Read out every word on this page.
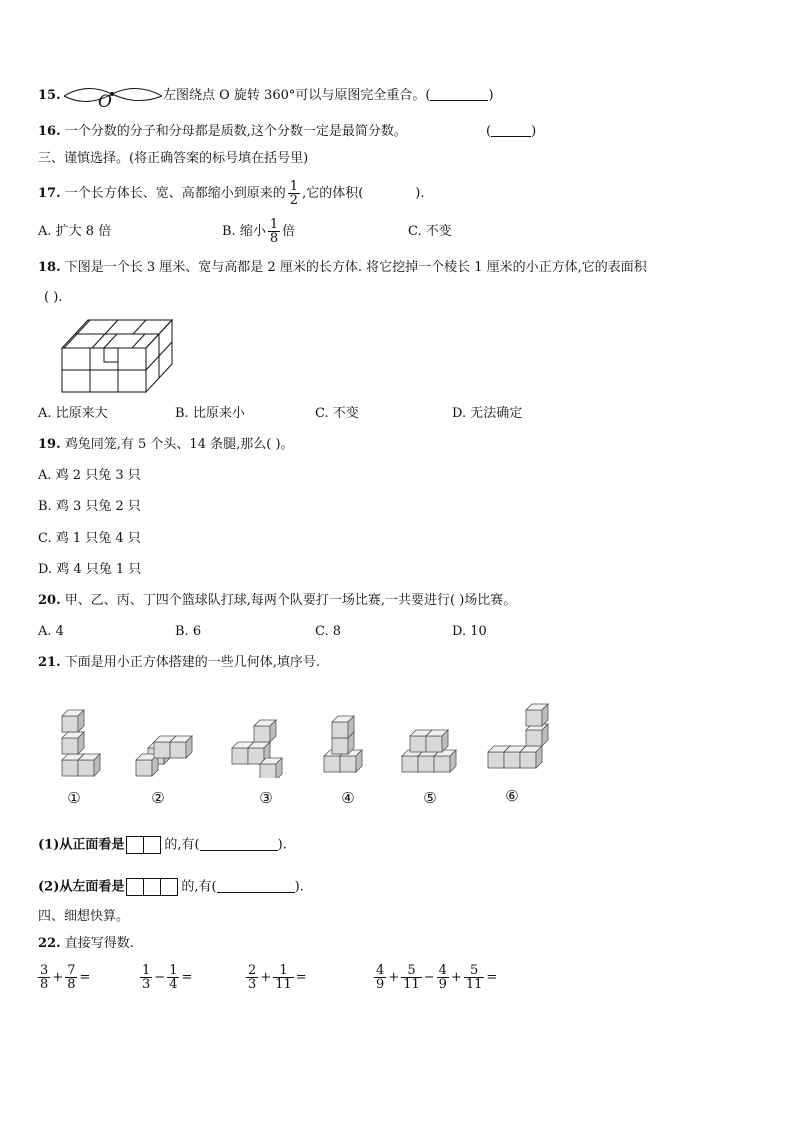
15. O	左图绕点 O 旋转 360°可以与原图完全重合。(	)
16. 一个分数的分子和分母都是质数,这个分数一定是最简分数。	(	)
三、谨慎选择。(将正确答案的标号填在括号里)
17. 一个长方体长、宽、高都缩小到原来的 $\frac{1}{2}$ ,它的体积(	).
A. 扩大 8 倍	B. 缩小 $\frac{1}{8}$ 倍	C. 不变
18. 下图是一个长 3 厘米、宽与高都是 2 厘米的长方体. 将它挖掉一个棱长 1 厘米的小正方体,它的表面积
( ).
A. 比原来大	B. 比原来小	C. 不变	D. 无法确定
19. 鸡兔同笼,有 5 个头、14 条腿,那么( )。
A. 鸡 2 只兔 3 只
B. 鸡 3 只兔 2 只
C. 鸡 1 只兔 4 只
D. 鸡 4 只兔 1 只
20. 甲、乙、丙、丁四个篮球队打球,每两个队要打一场比赛,一共要进行( )场比赛。
A. 4	B. 6	C. 8	D. 10
21. 下面是用小正方体搭建的一些几何体,填序号.
①	②	③	④	⑤	⑥
(1)从正面看是	的,有(	).
(2)从左面看是	的,有(	).
四、细想快算。
22. 直接写得数.
$\frac{3}{8} + \frac{7}{8}$ =	$\frac{1}{3} - \frac{1}{4}$ =	$\frac{2}{3} + \frac{1}{11}$ =	$\frac{4}{9} + \frac{5}{11} - \frac{4}{9} + \frac{5}{11}$ =
